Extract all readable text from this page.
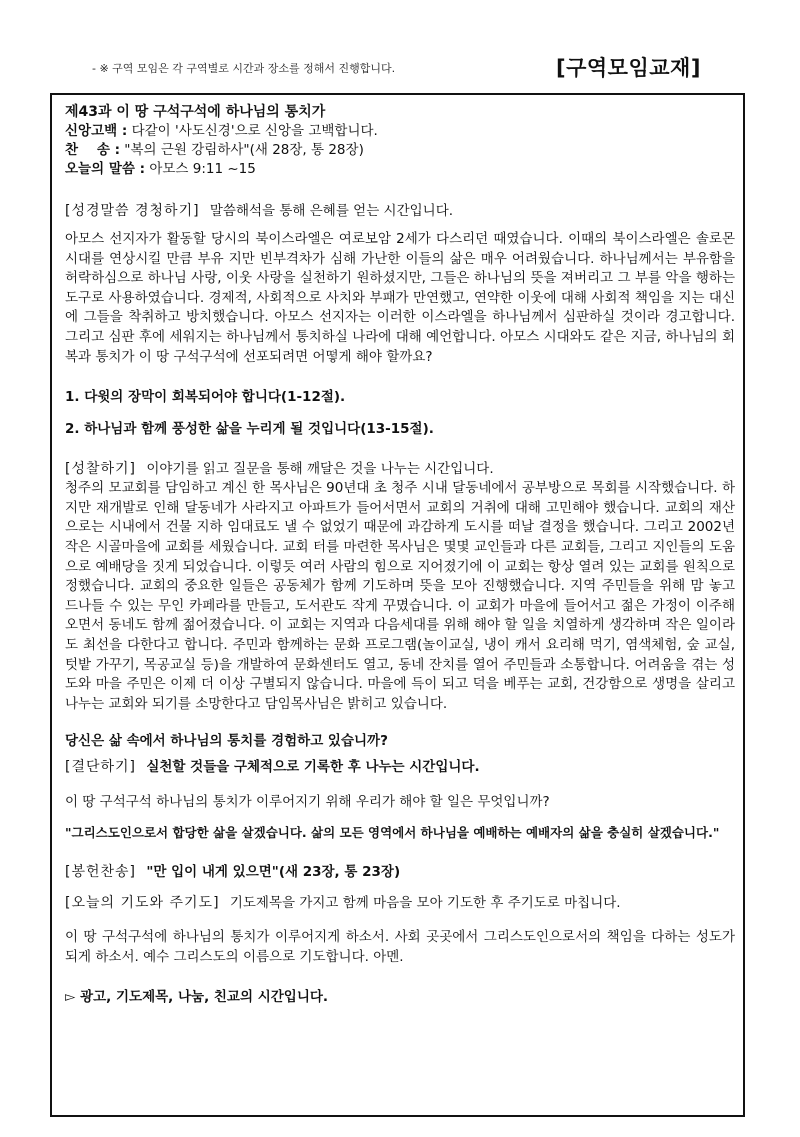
- ※ 구역 모임은 각 구역별로 시간과 장소를 정해서 진행합니다.	[구역모임교재]
제43과 이 땅 구석구석에 하나님의 통치가
신앙고백 : 다같이 '사도신경'으로 신앙을 고백합니다.
찬    송 : "복의 근원 강림하사"(새 28장, 통 28장)
오늘의 말씀 : 아모스 9:11 ~15

[성경말씀 경청하기] 말씀해석을 통해 은혜를 얻는 시간입니다.

아모스 선지자가 활동할 당시의 북이스라엘은 여로보암 2세가 다스리던 때였습니다. 이때의 북이스라엘은 솔로몬 시대를 연상시킬 만큼 부유 지만 빈부격차가 심해 가난한 이들의 삶은 매우 어려웠습니다. 하나님께서는 부유함을 허락하심으로 하나님 사랑, 이웃 사랑을 실천하기 원하셨지만, 그들은 하나님의 뜻을 져버리고 그 부를 악을 행하는 도구로 사용하였습니다. 경제적, 사회적으로 사치와 부패가 만연했고, 연약한 이웃에 대해 사회적 책임을 지는 대신에 그들을 착취하고 방치했습니다. 아모스 선지자는 이러한 이스라엘을 하나님께서 심판하실 것이라 경고합니다. 그리고 심판 후에 세워지는 하나님께서 통치하실 나라에 대해 예언합니다. 아모스 시대와도 같은 지금, 하나님의 회복과 통치가 이 땅 구석구석에 선포되려면 어떻게 해야 할까요?

1. 다윗의 장막이 회복되어야 합니다(1-12절).

2. 하나님과 함께 풍성한 삶을 누리게 될 것입니다(13-15절).

[성찰하기] 이야기를 읽고 질문을 통해 깨달은 것을 나누는 시간입니다.

청주의 모교회를 담임하고 계신 한 목사님은 90년대 초 청주 시내 달동네에서 공부방으로 목회를 시작했습니다. 하지만 재개발로 인해 달동네가 사라지고 아파트가 들어서면서 교회의 거취에 대해 고민해야 했습니다. 교회의 재산으로는 시내에서 건물 지하 임대료도 낼 수 없었기 때문에 과감하게 도시를 떠날 결정을 했습니다. 그리고 2002년 작은 시골마을에 교회를 세웠습니다. 교회 터를 마련한 목사님은 몇몇 교인들과 다른 교회들, 그리고 지인들의 도움으로 예배당을 짓게 되었습니다. 이렇듯 여러 사람의 힘으로 지어졌기에 이 교회는 항상 열려 있는 교회를 원칙으로 정했습니다. 교회의 중요한 일들은 공동체가 함께 기도하며 뜻을 모아 진행했습니다. 지역 주민들을 위해 맘 놓고 드나들 수 있는 무인 카페라를 만들고, 도서관도 작게 꾸몄습니다. 이 교회가 마을에 들어서고 젊은 가정이 이주해 오면서 동네도 함께 젊어졌습니다. 이 교회는 지역과 다음세대를 위해 해야 할 일을 치열하게 생각하며 작은 일이라도 최선을 다한다고 합니다. 주민과 함께하는 문화 프로그램(놀이교실, 냉이 캐서 요리해 먹기, 염색체험, 숲 교실, 텃밭 가꾸기, 목공교실 등)을 개발하여 문화센터도 열고, 동네 잔치를 열어 주민들과 소통합니다. 어려움을 겪는 성도와 마을 주민은 이제 더 이상 구별되지 않습니다. 마을에 득이 되고 덕을 베푸는 교회, 건강함으로 생명을 살리고 나누는 교회와 되기를 소망한다고 담임목사님은 밝히고 있습니다.

당신은 삶 속에서 하나님의 통치를 경험하고 있습니까?

[결단하기] 실천할 것들을 구체적으로 기록한 후 나누는 시간입니다.

이 땅 구석구석 하나님의 통치가 이루어지기 위해 우리가 해야 할 일은 무엇입니까?

"그리스도인으로서 합당한 삶을 살겠습니다. 삶의 모든 영역에서 하나님을 예배하는 예배자의 삶을 충실히 살겠습니다."

[봉헌찬송] "만 입이 내게 있으면"(새 23장, 통 23장)

[오늘의 기도와 주기도] 기도제목을 가지고 함께 마음을 모아 기도한 후 주기도로 마칩니다.

이 땅 구석구석에 하나님의 통치가 이루어지게 하소서. 사회 곳곳에서 그리스도인으로서의 책임을 다하는 성도가 되게 하소서. 예수 그리스도의 이름으로 기도합니다. 아멘.

▻ 광고, 기도제목, 나눔, 친교의 시간입니다.
